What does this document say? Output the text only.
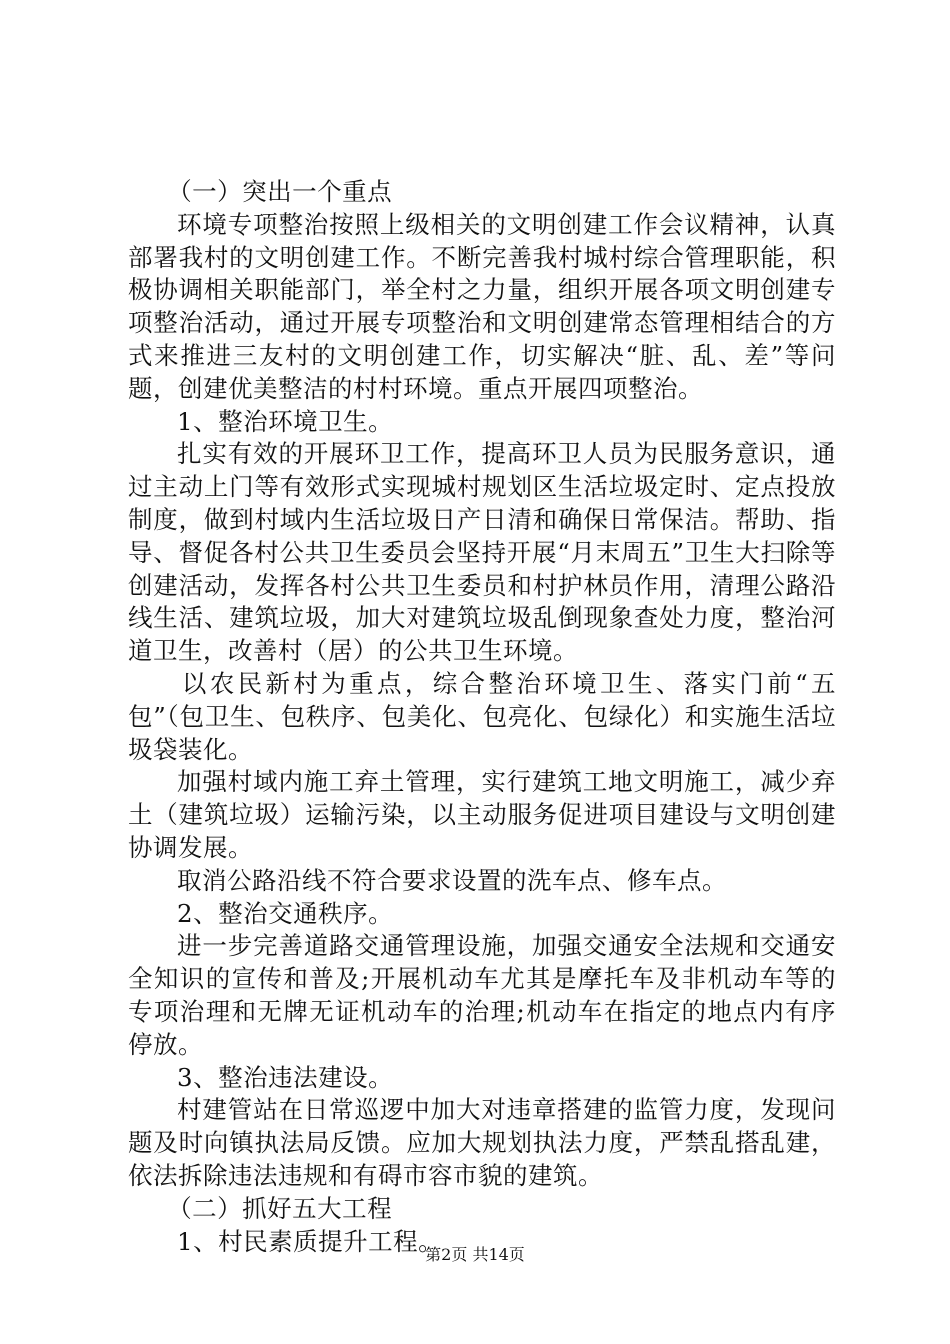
（一）突出一个重点

环境专项整治按照上级相关的文明创建工作会议精神，认真部署我村的文明创建工作。不断完善我村城村综合管理职能，积极协调相关职能部门，举全村之力量，组织开展各项文明创建专项整治活动，通过开展专项整治和文明创建常态管理相结合的方式来推进三友村的文明创建工作，切实解决“脏、乱、差”等问题，创建优美整洁的村村环境。重点开展四项整治。

1、整治环境卫生。

扎实有效的开展环卫工作，提高环卫人员为民服务意识，通过主动上门等有效形式实现城村规划区生活垃圾定时、定点投放制度，做到村域内生活垃圾日产日清和确保日常保洁。帮助、指导、督促各村公共卫生委员会坚持开展“月末周五”卫生大扫除等创建活动，发挥各村公共卫生委员和村护林员作用，清理公路沿线生活、建筑垃圾，加大对建筑垃圾乱倒现象查处力度，整治河道卫生，改善村（居）的公共卫生环境。

以农民新村为重点，综合整治环境卫生、落实门前“五包”（包卫生、包秩序、包美化、包亮化、包绿化）和实施生活垃圾袋装化。

加强村域内施工弃土管理，实行建筑工地文明施工，减少弃土（建筑垃圾）运输污染，以主动服务促进项目建设与文明创建协调发展。

取消公路沿线不符合要求设置的洗车点、修车点。

2、整治交通秩序。

进一步完善道路交通管理设施，加强交通安全法规和交通安全知识的宣传和普及;开展机动车尤其是摩托车及非机动车等的专项治理和无牌无证机动车的治理;机动车在指定的地点内有序停放。

3、整治违法建设。

村建管站在日常巡逻中加大对违章搭建的监管力度，发现问题及时向镇执法局反馈。应加大规划执法力度，严禁乱搭乱建，依法拆除违法违规和有碍市容市貌的建筑。

（二）抓好五大工程

1、村民素质提升工程。

第2页 共14页
